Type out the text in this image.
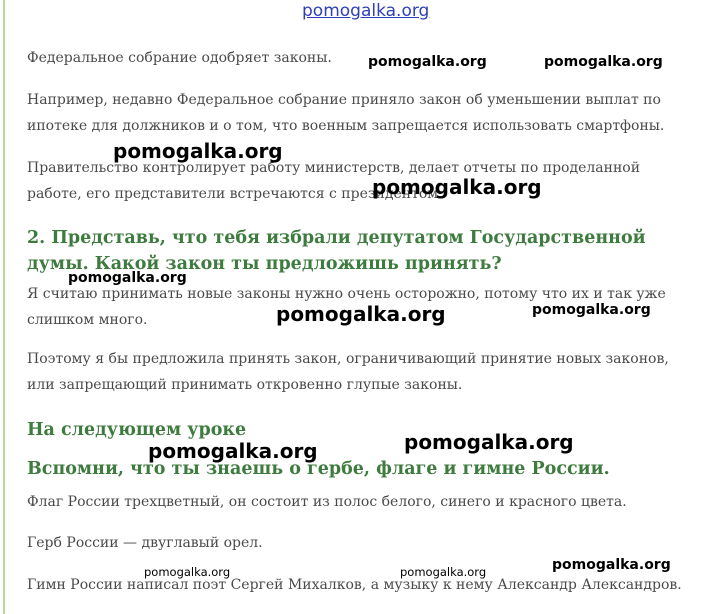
pomogalka.org

Федеральное собрание одобряет законы.

Например, недавно Федеральное собрание приняло закон об уменьшении выплат по ипотеке для должников и о том, что военным запрещается использовать смартфоны.

Правительство контролирует работу министерств, делает отчеты по проделанной работе, его представители встречаются с президентом.

2. Представь, что тебя избрали депутатом Государственной думы. Какой закон ты предложишь принять?

Я считаю принимать новые законы нужно очень осторожно, потому что их и так уже слишком много.

Поэтому я бы предложила принять закон, ограничивающий принятие новых законов, или запрещающий принимать откровенно глупые законы.

На следующем уроке
Вспомни, что ты знаешь о гербе, флаге и гимне России.

Флаг России трехцветный, он состоит из полос белого, синего и красного цвета.

Герб России — двуглавый орел.

Гимн России написал поэт Сергей Михалков, а музыку к нему Александр Александров.

pomogalka.org	pomogalka.org
pomogalka.org
pomogalka.org
pomogalka.org
pomogalka.org	pomogalka.org
pomogalka.org	pomogalka.org
pomogalka.org
pomogalka.org	pomogalka.org
